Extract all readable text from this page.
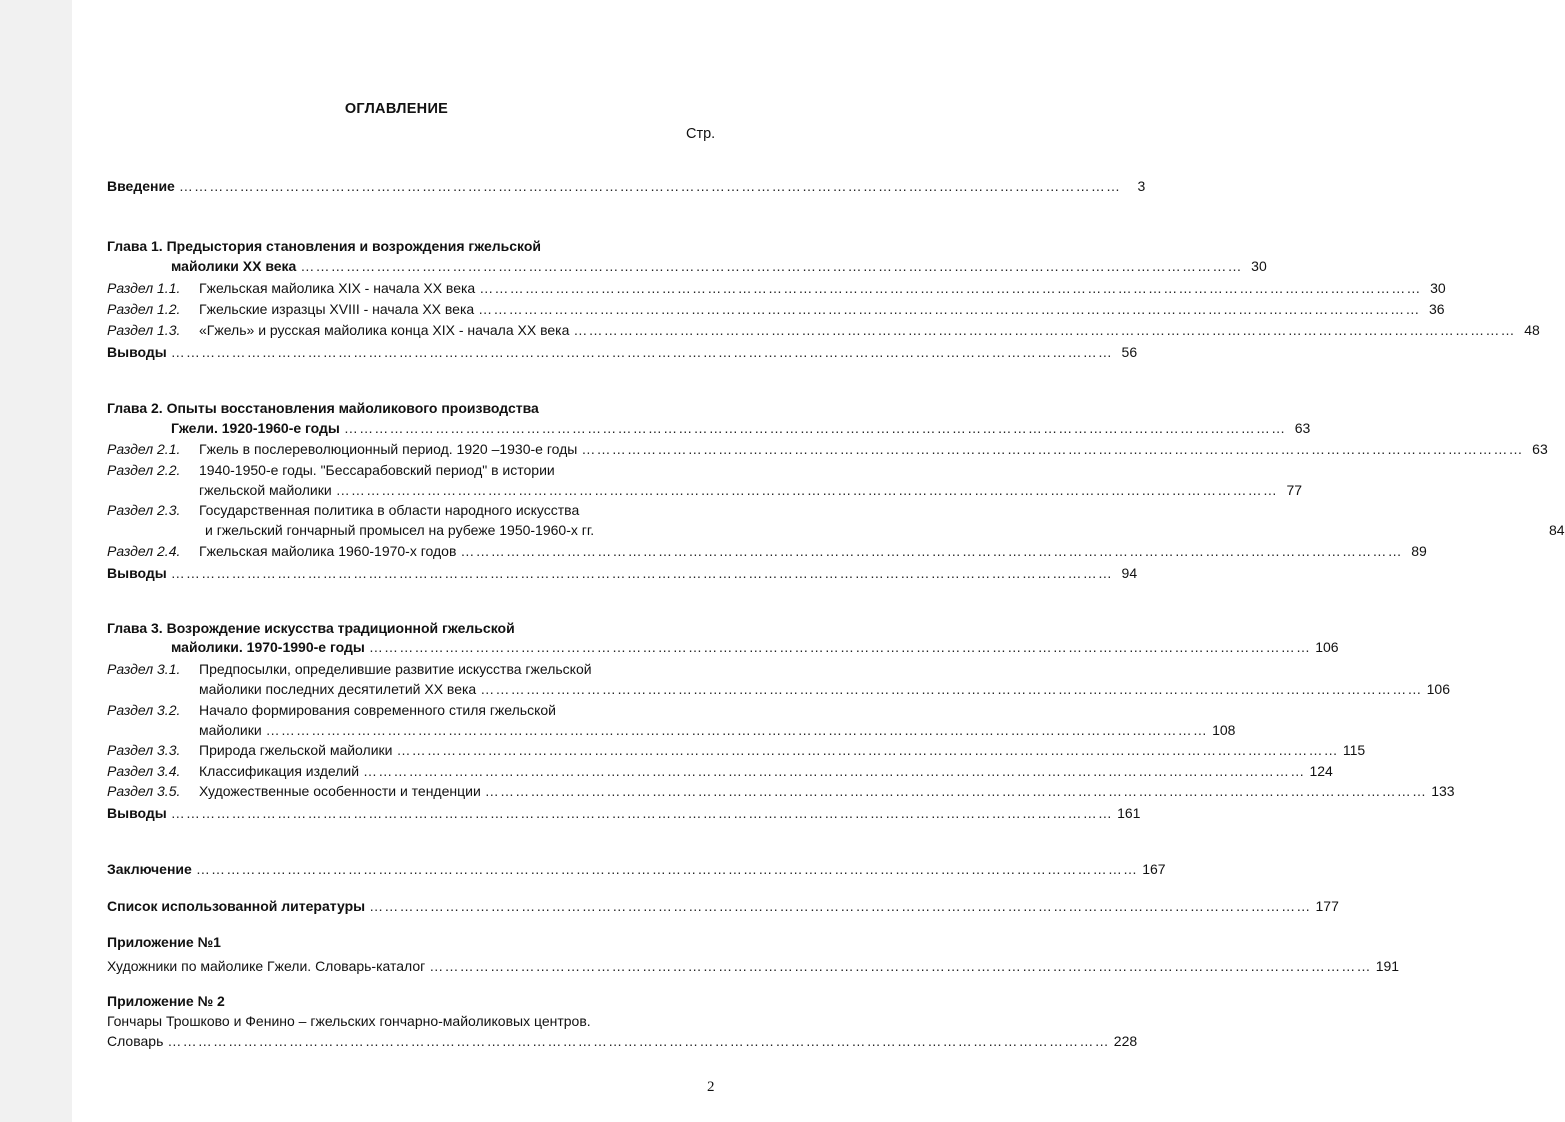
ОГЛАВЛЕНИЕ
Стр.
Введение ……………………………………………………………………………………………………………………………………………………………………	3
Глава 1. Предыстория становления и возрождения гжельской
майолики XX века …………………………………………………………………………………………………………………………………………………………………… 30
Раздел 1.1.	Гжельская майолика XIX - начала XX века …………………………………………………………………………………………………………………………………………………………………… 30
Раздел 1.2.	Гжельские изразцы XVIII - начала XX века …………………………………………………………………………………………………………………………………………………………………… 36
Раздел 1.3.	«Гжель» и русская майолика конца XIX - начала XX века …………………………………………………………………………………………………………………………………………………………………… 48
Выводы …………………………………………………………………………………………………………………………………………………………………… 56
Глава 2. Опыты восстановления майоликового производства
Гжели. 1920-1960-е годы …………………………………………………………………………………………………………………………………………………………………… 63
Раздел 2.1.	Гжель в послереволюционный период. 1920 –1930-е годы …………………………………………………………………………………………………………………………………………………………………… 63
Раздел 2.2.	1940-1950-е годы. "Бессарабовский период" в истории
гжельской майолики …………………………………………………………………………………………………………………………………………………………………… 77
Раздел 2.3.	Государственная политика в области народного искусства
и гжельский гончарный промысел на рубеже 1950-1960-х гг.	84
Раздел 2.4.	Гжельская майолика 1960-1970-х годов …………………………………………………………………………………………………………………………………………………………………… 89
Выводы …………………………………………………………………………………………………………………………………………………………………… 94
Глава 3. Возрождение искусства традиционной гжельской
майолики. 1970-1990-е годы …………………………………………………………………………………………………………………………………………………………………… 106
Раздел 3.1.	Предпосылки, определившие развитие искусства гжельской
майолики последних десятилетий XX века …………………………………………………………………………………………………………………………………………………………………… 106
Раздел 3.2.	Начало формирования современного стиля гжельской
майолики …………………………………………………………………………………………………………………………………………………………………… 108
Раздел 3.3.	Природа гжельской майолики …………………………………………………………………………………………………………………………………………………………………… 115
Раздел 3.4.	Классификация изделий …………………………………………………………………………………………………………………………………………………………………… 124
Раздел 3.5.	Художественные особенности и тенденции …………………………………………………………………………………………………………………………………………………………………… 133
Выводы …………………………………………………………………………………………………………………………………………………………………… 161
Заключение …………………………………………………………………………………………………………………………………………………………………… 167
Список использованной литературы …………………………………………………………………………………………………………………………………………………………………… 177
Приложение №1
Художники по майолике Гжели. Словарь-каталог …………………………………………………………………………………………………………………………………………………………………… 191
Приложение № 2
Гончары Трошково и Фенино – гжельских гончарно-майоликовых центров.
Словарь …………………………………………………………………………………………………………………………………………………………………… 228
2
